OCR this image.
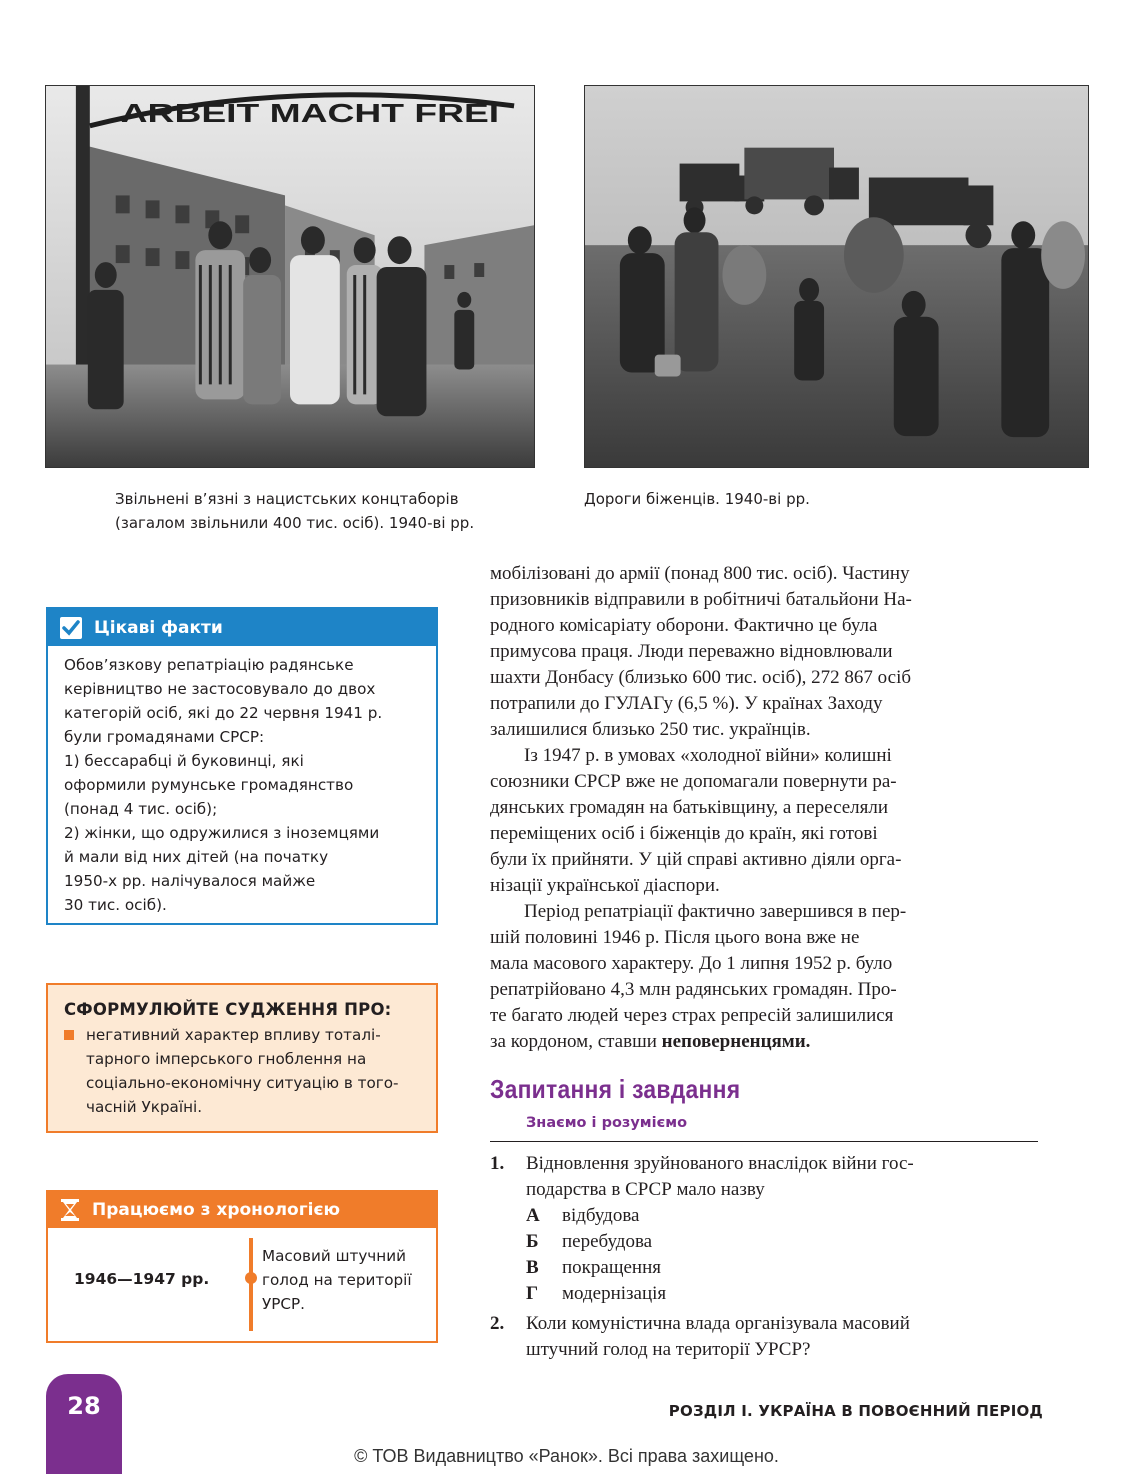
ARBEIT MACHT FREI
Звільнені в’язні з нацистських концтаборів
(загалом звільнили 400 тис. осіб). 1940-ві рр.
Дороги біженців. 1940-ві рр.
Цікаві факти
Обов’язкову репатріацію радянське
керівництво не застосовувало до двох
категорій осіб, які до 22 червня 1941 р.
були громадянами СРСР:
1) бессарабці й буковинці, які
оформили румунське громадянство
(понад 4 тис. осіб);
2) жінки, що одружилися з іноземцями
й мали від них дітей (на початку
1950-х рр. налічувалося майже
30 тис. осіб).
СФОРМУЛЮЙТЕ СУДЖЕННЯ ПРО:
негативний характер впливу тоталі-
тарного імперського гноблення на
соціально-економічну ситуацію в того-
часній Україні.
Працюємо з хронологією
1946—1947 рр.
Масовий штучний
голод на території
УРСР.
мобілізовані до армії (понад 800 тис. осіб). Частину
призовників відправили в робітничі батальйони На-
родного комісаріату оборони. Фактично це була
примусова праця. Люди переважно відновлювали
шахти Донбасу (близько 600 тис. осіб), 272 867 осіб
потрапили до ГУЛАГу (6,5 %). У країнах Заходу
залишилися близько 250 тис. українців.
Із 1947 р. в умовах «холодної війни» колишні
союзники СРСР вже не допомагали повернути ра-
дянських громадян на батьківщину, а переселяли
переміщених осіб і біженців до країн, які готові
були їх прийняти. У цій справі активно діяли орга-
нізації української діаспори.
Період репатріації фактично завершився в пер-
шій половині 1946 р. Після цього вона вже не
мала масового характеру. До 1 липня 1952 р. було
репатрійовано 4,3 млн радянських громадян. Про-
те багато людей через страх репресій залишилися
за кордоном, ставши неповерненцями.
Запитання і завдання
Знаємо і розуміємо
1. Відновлення зруйнованого внаслідок війни гос-
подарства в СРСР мало назву
А відбудова
Б перебудова
В покращення
Г модернізація
2. Коли комуністична влада організувала масовий
штучний голод на території УРСР?
28	РОЗДІЛ І. УКРАЇНА В ПОВОЄННИЙ ПЕРІОД
© ТОВ Видавництво «Ранок». Всі права захищено.
